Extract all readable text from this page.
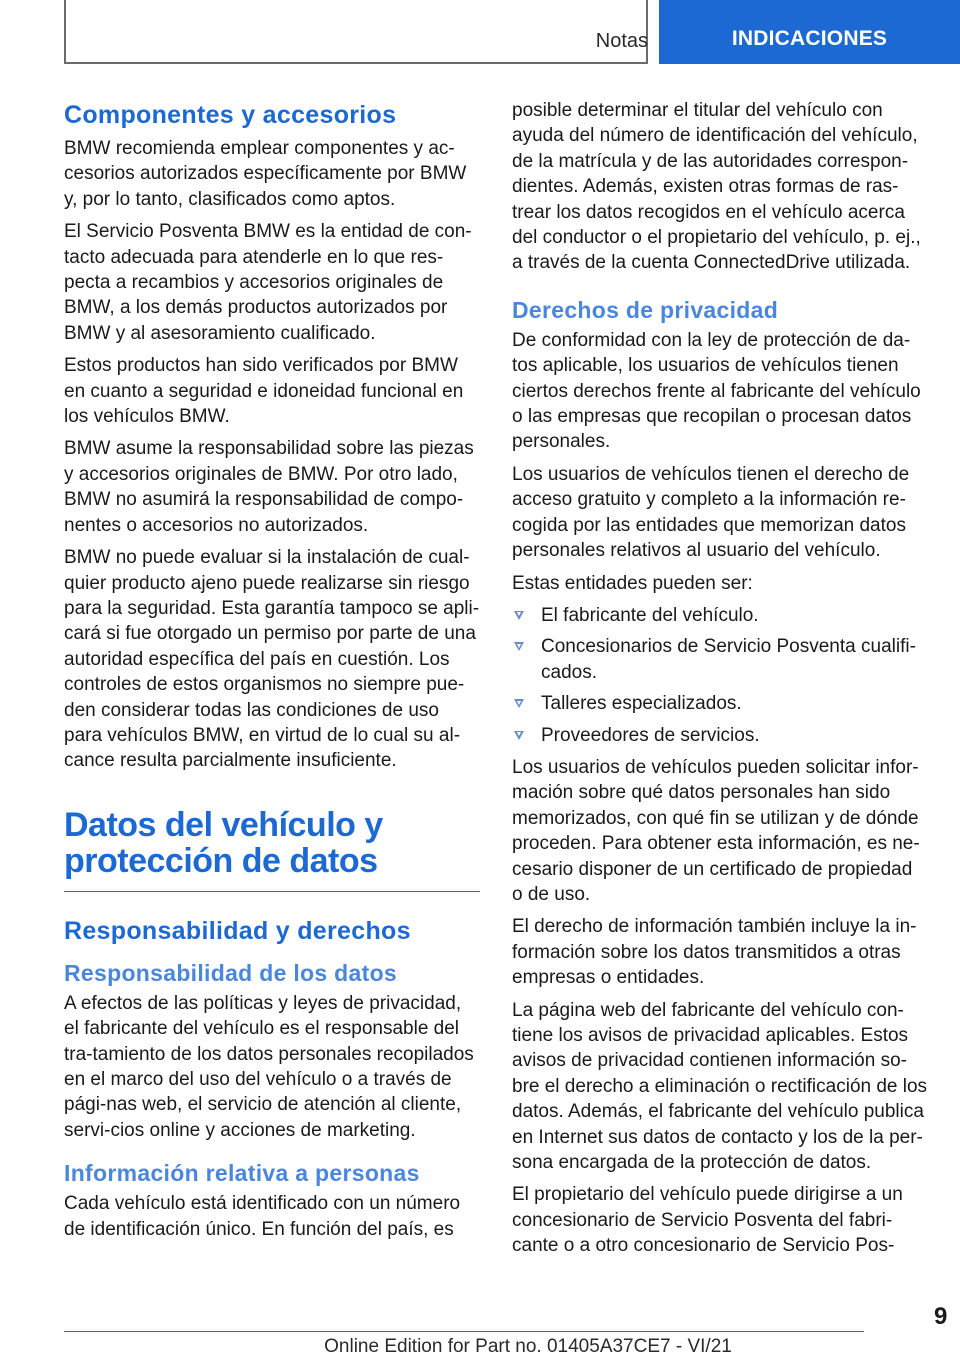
Notas	INDICACIONES
Componentes y accesorios

BMW recomienda emplear componentes y ac-cesorios autorizados específicamente por BMW y, por lo tanto, clasificados como aptos.

El Servicio Posventa BMW es la entidad de con-tacto adecuada para atenderle en lo que res-pecta a recambios y accesorios originales de BMW, a los demás productos autorizados por BMW y al asesoramiento cualificado.

Estos productos han sido verificados por BMW en cuanto a seguridad e idoneidad funcional en los vehículos BMW.

BMW asume la responsabilidad sobre las piezas y accesorios originales de BMW. Por otro lado, BMW no asumirá la responsabilidad de compo-nentes o accesorios no autorizados.

BMW no puede evaluar si la instalación de cual-quier producto ajeno puede realizarse sin riesgo para la seguridad. Esta garantía tampoco se apli-cará si fue otorgado un permiso por parte de una autoridad específica del país en cuestión. Los controles de estos organismos no siempre pue-den considerar todas las condiciones de uso para vehículos BMW, en virtud de lo cual su al-cance resulta parcialmente insuficiente.

Datos del vehículo y
protección de datos
Responsabilidad y derechos
Responsabilidad de los datos

A efectos de las políticas y leyes de privacidad, el fabricante del vehículo es el responsable del tra-tamiento de los datos personales recopilados en el marco del uso del vehículo o a través de pági-nas web, el servicio de atención al cliente, servi-cios online y acciones de marketing.

Información relativa a personas

Cada vehículo está identificado con un número de identificación único. En función del país, es

posible determinar el titular del vehículo con ayuda del número de identificación del vehículo, de la matrícula y de las autoridades correspon-dientes. Además, existen otras formas de ras-trear los datos recogidos en el vehículo acerca del conductor o el propietario del vehículo, p. ej., a través de la cuenta ConnectedDrive utilizada.

Derechos de privacidad

De conformidad con la ley de protección de da-tos aplicable, los usuarios de vehículos tienen ciertos derechos frente al fabricante del vehículo o las empresas que recopilan o procesan datos personales.

Los usuarios de vehículos tienen el derecho de acceso gratuito y completo a la información re-cogida por las entidades que memorizan datos personales relativos al usuario del vehículo.

Estas entidades pueden ser:

El fabricante del vehículo.
Concesionarios de Servicio Posventa cualifi-cados.
Talleres especializados.
Proveedores de servicios.

Los usuarios de vehículos pueden solicitar infor-mación sobre qué datos personales han sido memorizados, con qué fin se utilizan y de dónde proceden. Para obtener esta información, es ne-cesario disponer de un certificado de propiedad o de uso.

El derecho de información también incluye la in-formación sobre los datos transmitidos a otras empresas o entidades.

La página web del fabricante del vehículo con-tiene los avisos de privacidad aplicables. Estos avisos de privacidad contienen información so-bre el derecho a eliminación o rectificación de los datos. Además, el fabricante del vehículo publica en Internet sus datos de contacto y los de la per-sona encargada de la protección de datos.

El propietario del vehículo puede dirigirse a un concesionario de Servicio Posventa del fabri-cante o a otro concesionario de Servicio Pos-

9
Online Edition for Part no. 01405A37CE7 - VI/21
